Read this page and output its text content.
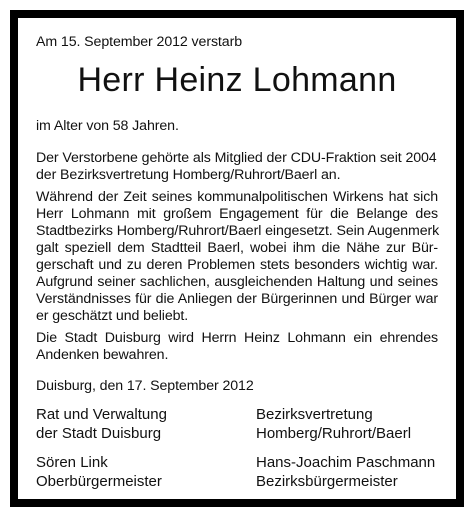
Am 15. September 2012 verstarb
Herr Heinz Lohmann
im Alter von 58 Jahren.
Der Verstorbene gehörte als Mitglied der CDU-Fraktion seit 2004
der Bezirksvertretung Homberg/Ruhrort/Baerl an.
Während der Zeit seines kommunalpolitischen Wirkens hat sich
Herr Lohmann mit großem Engagement für die Belange des
Stadtbezirks Homberg/Ruhrort/Baerl eingesetzt. Sein Augenmerk
galt speziell dem Stadtteil Baerl, wobei ihm die Nähe zur Bür-
gerschaft und zu deren Problemen stets besonders wichtig war.
Aufgrund seiner sachlichen, ausgleichenden Haltung und seines
Verständnisses für die Anliegen der Bürgerinnen und Bürger war
er geschätzt und beliebt.
Die Stadt Duisburg wird Herrn Heinz Lohmann ein ehrendes
Andenken bewahren.
Duisburg, den 17. September 2012
Rat und Verwaltung
der Stadt Duisburg
Sören Link
Oberbürgermeister
Bezirksvertretung
Homberg/Ruhrort/Baerl
Hans-Joachim Paschmann
Bezirksbürgermeister
